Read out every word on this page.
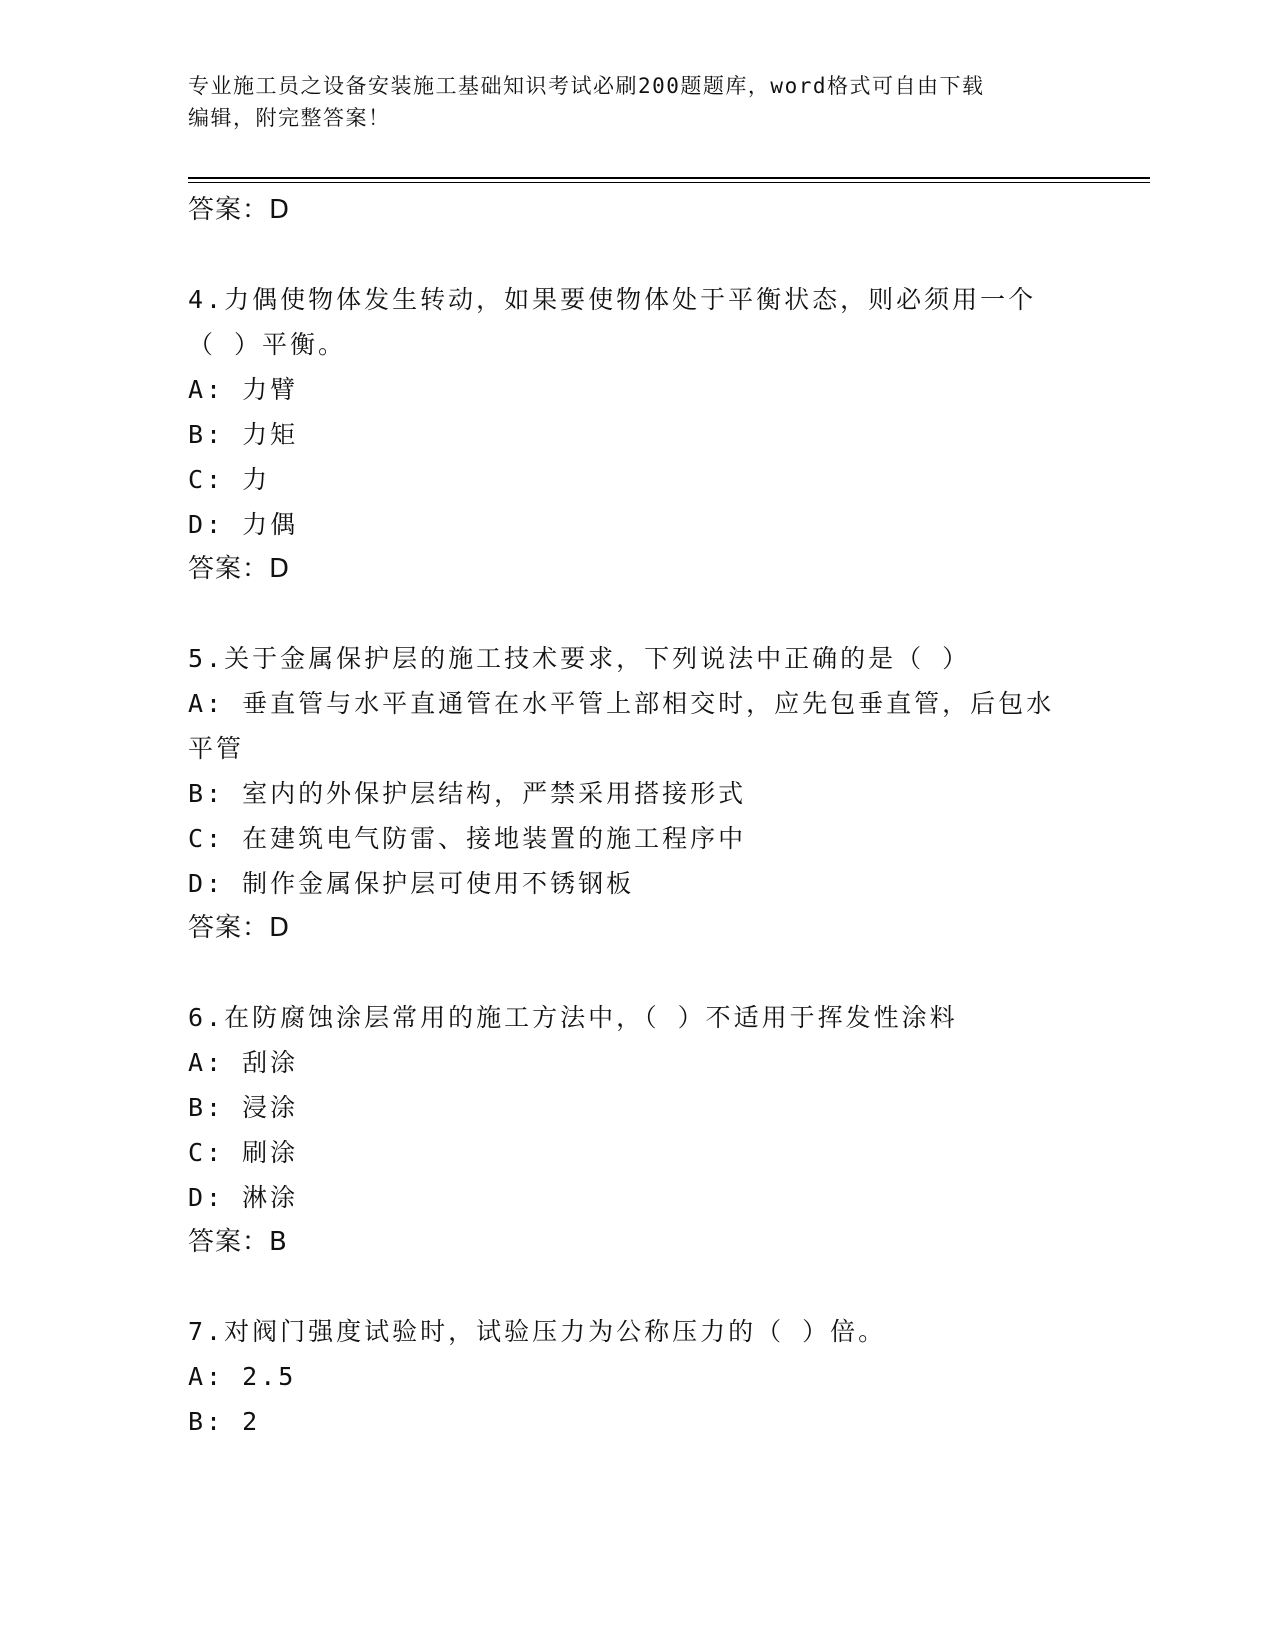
专业施工员之设备安装施工基础知识考试必刷200题题库，word格式可自由下载
编辑，附完整答案！
答案：D
4.力偶使物体发生转动，如果要使物体处于平衡状态，则必须用一个
（ ）平衡。
A: 力臂
B: 力矩
C: 力
D: 力偶
答案：D
5.关于金属保护层的施工技术要求，下列说法中正确的是（ ）
A: 垂直管与水平直通管在水平管上部相交时，应先包垂直管，后包水
平管
B: 室内的外保护层结构，严禁采用搭接形式
C: 在建筑电气防雷、接地装置的施工程序中
D: 制作金属保护层可使用不锈钢板
答案：D
6.在防腐蚀涂层常用的施工方法中，（ ）不适用于挥发性涂料
A: 刮涂
B: 浸涂
C: 刷涂
D: 淋涂
答案：B
7.对阀门强度试验时，试验压力为公称压力的（ ）倍。
A: 2.5
B: 2
